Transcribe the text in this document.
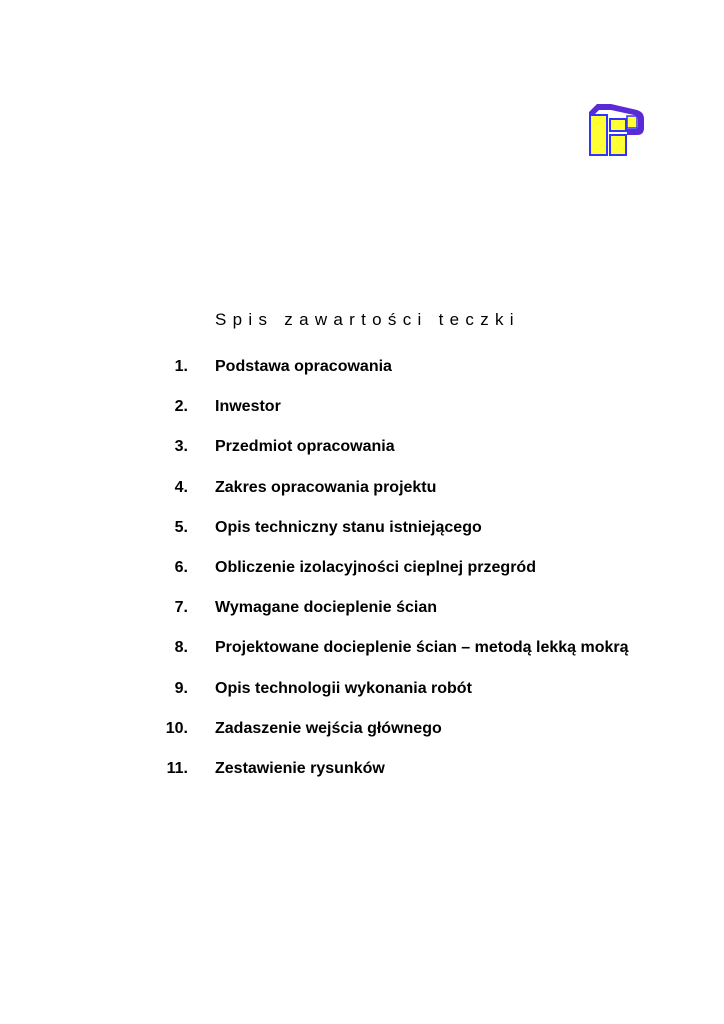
Spis zawartości teczki
1. Podstawa opracowania
2. Inwestor
3. Przedmiot opracowania
4. Zakres opracowania projektu
5. Opis techniczny stanu istniejącego
6. Obliczenie izolacyjności cieplnej przegród
7. Wymagane docieplenie ścian
8. Projektowane docieplenie ścian – metodą lekką mokrą
9. Opis technologii wykonania robót
10. Zadaszenie wejścia głównego
11. Zestawienie rysunków
